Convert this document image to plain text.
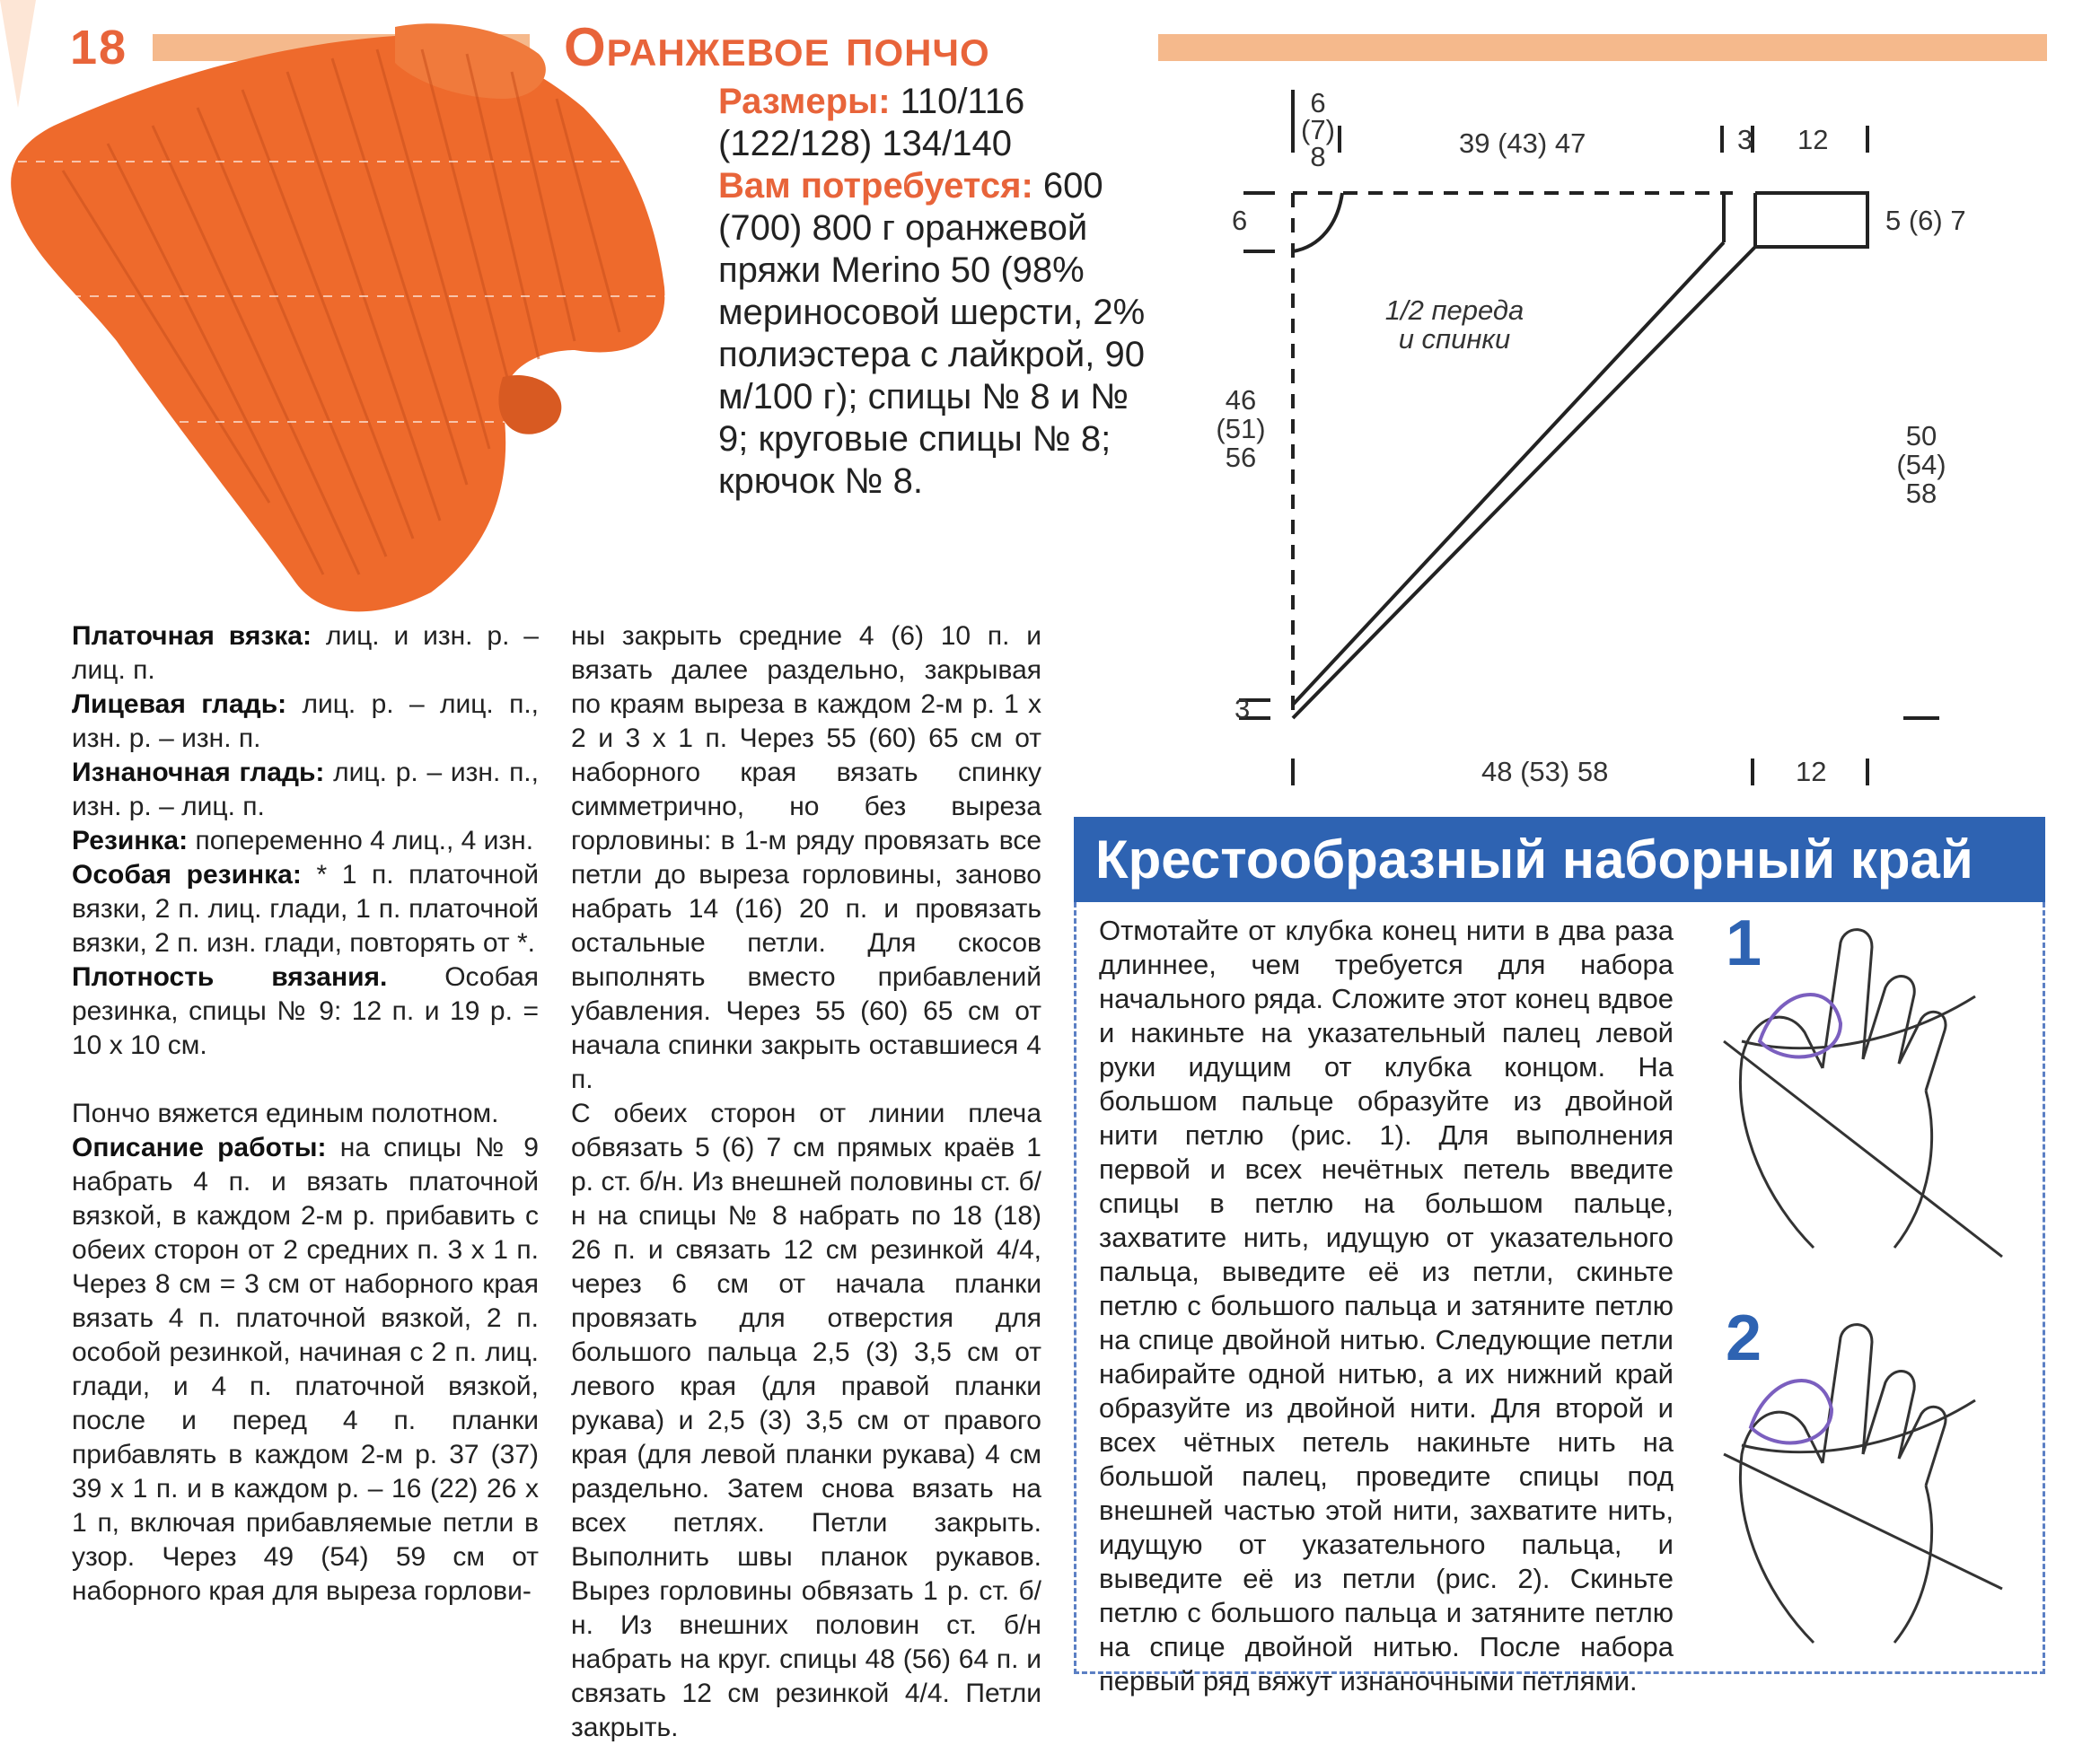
18	Оранжевое пончо
Размеры: 110/116 (122/128) 134/140
Вам потребуется: 600 (700) 800 г оранжевой пряжи Merino 50 (98% мериносовой шерсти, 2% полиэстера с лайкрой, 90 м/100 г); спицы № 8 и № 9; круговые спицы № 8; крючок № 8.

Платочная вязка: лиц. и изн. р. – лиц. п.

Лицевая гладь: лиц. р. – лиц. п., изн. р. – изн. п.

Изнаночная гладь: лиц. р. – изн. п., изн. р. – лиц. п.

Резинка: попеременно 4 лиц., 4 изн.

Особая резинка: * 1 п. платочной вязки, 2 п. лиц. глади, 1 п. платочной вязки, 2 п. изн. глади, повторять от *.

Плотность вязания. Особая резинка, спицы № 9: 12 п. и 19 р. = 10 х 10 см.

Пончо вяжется единым полотном.

Описание работы: на спицы № 9 набрать 4 п. и вязать платочной вязкой, в каждом 2-м р. прибавить с обеих сторон от 2 средних п. 3 х 1 п. Через 8 см = 3 см от наборного края вязать 4 п. платочной вязкой, 2 п. особой резинкой, начиная с 2 п. лиц. глади, и 4 п. платочной вязкой, после и перед 4 п. планки прибавлять в каждом 2-м р. 37 (37) 39 х 1 п. и в каждом р. – 16 (22) 26 х 1 п, включая прибавляемые петли в узор. Через 49 (54) 59 см от наборного края для выреза горлови-

ны закрыть средние 4 (6) 10 п. и вязать далее раздельно, закрывая по краям выреза в каждом 2-м р. 1 х 2 и 3 х 1 п. Через 55 (60) 65 см от наборного края вязать спинку симметрично, но без выреза горловины: в 1-м ряду провязать все петли до выреза горловины, заново набрать 14 (16) 20 п. и провязать остальные петли. Для скосов выполнять вместо прибавлений убавления. Через 55 (60) 65 см от начала спинки закрыть оставшиеся 4 п.

С обеих сторон от линии плеча обвязать 5 (6) 7 см прямых краёв 1 р. ст. б/н. Из внешней половины ст. б/н на спицы № 8 набрать по 18 (18) 26 п. и связать 12 см резинкой 4/4, через 6 см от начала планки провязать для отверстия для большого пальца 2,5 (3) 3,5 см от левого края (для правой планки рукава) и 2,5 (3) 3,5 см от правого края (для левой планки рукава) 4 см раздельно. Затем снова вязать на всех петлях. Петли закрыть. Выполнить швы планок рукавов. Вырез горловины обвязать 1 р. ст. б/н. Из внешних половин ст. б/н набрать на круг. спицы 48 (56) 64 п. и связать 12 см резинкой 4/4. Петли закрыть.

6
(7)
8	39 (43) 47	3 12
6	5 (6) 7
1/2 переда
и спинки
46
(51)
56
50
(54)
58
3
48 (53) 58	12
Крестообразный наборный край
Отмотайте от клубка конец нити в два раза длиннее, чем требуется для набора начального ряда. Сложите этот конец вдвое и накиньте на указательный палец левой руки идущим от клубка концом. На большом пальце образуйте из двойной нити петлю (рис. 1). Для выполнения первой и всех нечётных петель введите спицы в петлю на большом пальце, захватите нить, идущую от указательного пальца, выведите её из петли, скиньте петлю с большого пальца и затяните петлю на спице двойной нитью. Следующие петли набирайте одной нитью, а их нижний край образуйте из двойной нити. Для второй и всех чётных петель накиньте нить на большой палец, проведите спицы под внешней частью этой нити, захватите нить, идущую от указательного пальца, и выведите её из петли (рис. 2). Скиньте петлю с большого пальца и затяните петлю на спице двойной нитью. После набора первый ряд вяжут изнаночными петлями.
1
2
